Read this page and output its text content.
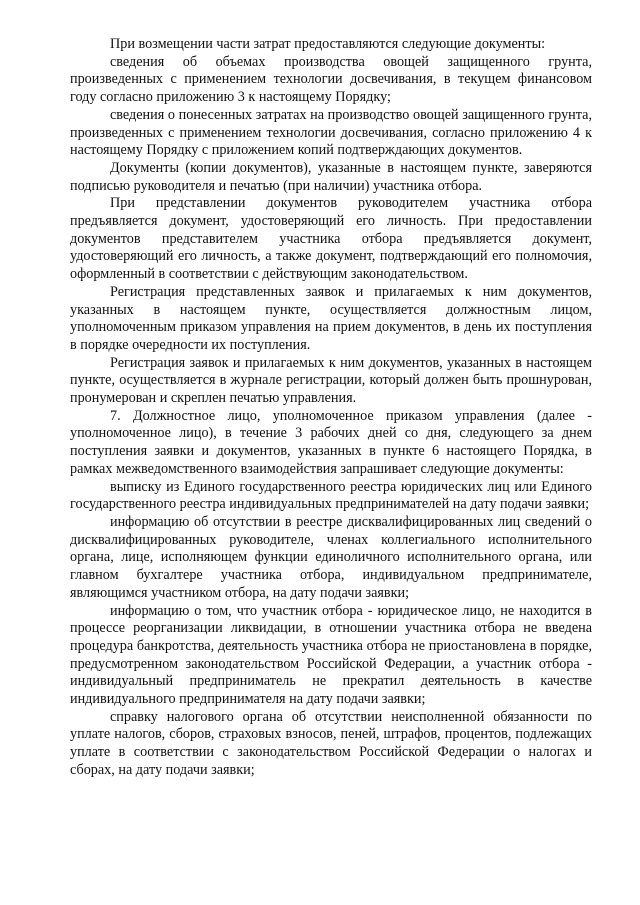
При возмещении части затрат предоставляются следующие документы:

сведения об объемах производства овощей защищенного грунта, произведенных с применением технологии досвечивания, в текущем финансовом году согласно приложению 3 к настоящему Порядку;

сведения о понесенных затратах на производство овощей защищенного грунта, произведенных с применением технологии досвечивания, согласно приложению 4 к настоящему Порядку с приложением копий подтверждающих документов.

Документы (копии документов), указанные в настоящем пункте, заверяются подписью руководителя и печатью (при наличии) участника отбора.

При представлении документов руководителем участника отбора предъявляется документ, удостоверяющий его личность. При предоставлении документов представителем участника отбора предъявляется документ, удостоверяющий его личность, а также документ, подтверждающий его полномочия, оформленный в соответствии с действующим законодательством.

Регистрация представленных заявок и прилагаемых к ним документов, указанных в настоящем пункте, осуществляется должностным лицом, уполномоченным приказом управления на прием документов, в день их поступления в порядке очередности их поступления.

Регистрация заявок и прилагаемых к ним документов, указанных в настоящем пункте, осуществляется в журнале регистрации, который должен быть прошнурован, пронумерован и скреплен печатью управления.

7. Должностное лицо, уполномоченное приказом управления (далее - уполномоченное лицо), в течение 3 рабочих дней со дня, следующего за днем поступления заявки и документов, указанных в пункте 6 настоящего Порядка, в рамках межведомственного взаимодействия запрашивает следующие документы:

выписку из Единого государственного реестра юридических лиц или Единого государственного реестра индивидуальных предпринимателей на дату подачи заявки;

информацию об отсутствии в реестре дисквалифицированных лиц сведений о дисквалифицированных руководителе, членах коллегиального исполнительного органа, лице, исполняющем функции единоличного исполнительного органа, или главном бухгалтере участника отбора, индивидуальном предпринимателе, являющимся участником отбора, на дату подачи заявки;

информацию о том, что участник отбора - юридическое лицо, не находится в процессе реорганизации ликвидации, в отношении участника отбора не введена процедура банкротства, деятельность участника отбора не приостановлена в порядке, предусмотренном законодательством Российской Федерации, а участник отбора - индивидуальный предприниматель не прекратил деятельность в качестве индивидуального предпринимателя на дату подачи заявки;

справку налогового органа об отсутствии неисполненной обязанности по уплате налогов, сборов, страховых взносов, пеней, штрафов, процентов, подлежащих уплате в соответствии с законодательством Российской Федерации о налогах и сборах, на дату подачи заявки;
